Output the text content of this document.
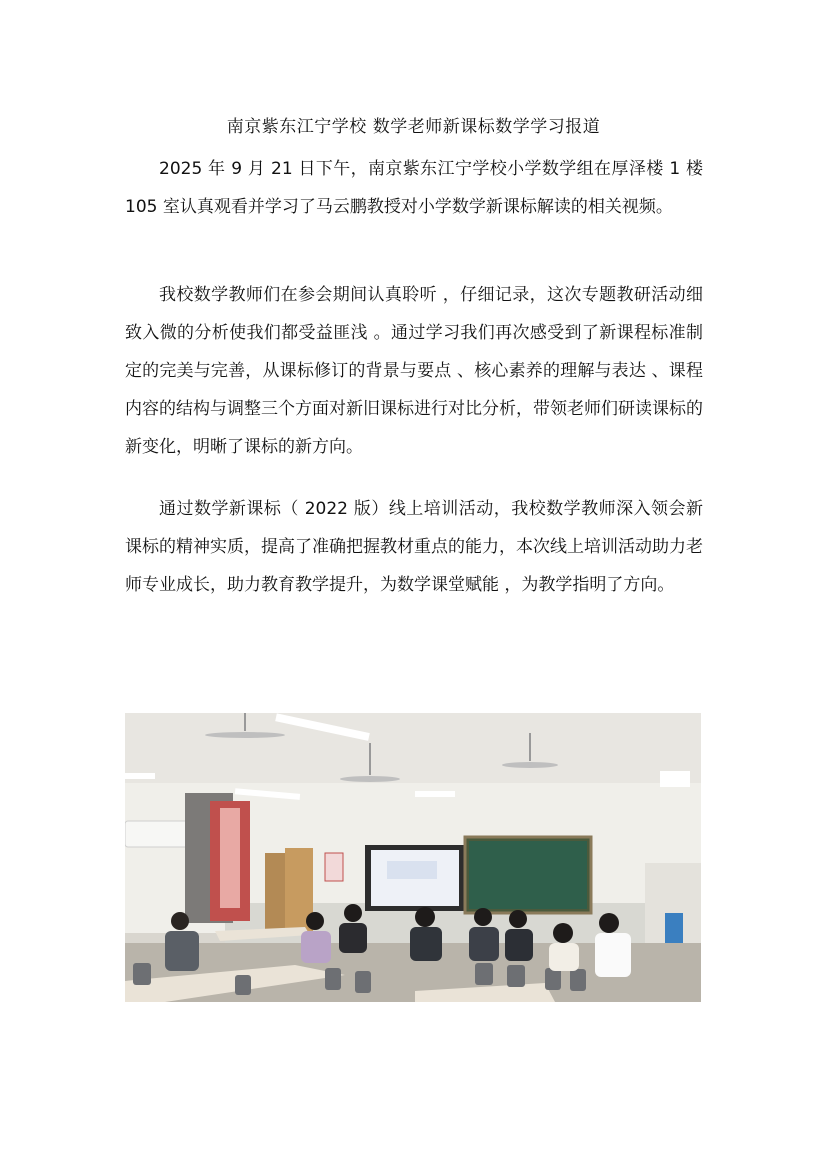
南京紫东江宁学校 数学老师新课标数学学习报道

2025 年 9 月 21 日下午，南京紫东江宁学校小学数学组在厚泽楼 1 楼 105 室认真观看并学习了马云鹏教授对小学数学新课标解读的相关视频。

我校数学教师们在参会期间认真聆听 ，仔细记录，这次专题教研活动细致入微的分析使我们都受益匪浅 。通过学习我们再次感受到了新课程标准制定的完美与完善，从课标修订的背景与要点 、核心素养的理解与表达 、课程内容的结构与调整三个方面对新旧课标进行对比分析，带领老师们研读课标的新变化，明晰了课标的新方向。

通过数学新课标（ 2022 版）线上培训活动，我校数学教师深入领会新课标的精神实质，提高了准确把握教材重点的能力，本次线上培训活动助力老师专业成长，助力教育教学提升，为数学课堂赋能 ，为教学指明了方向。
